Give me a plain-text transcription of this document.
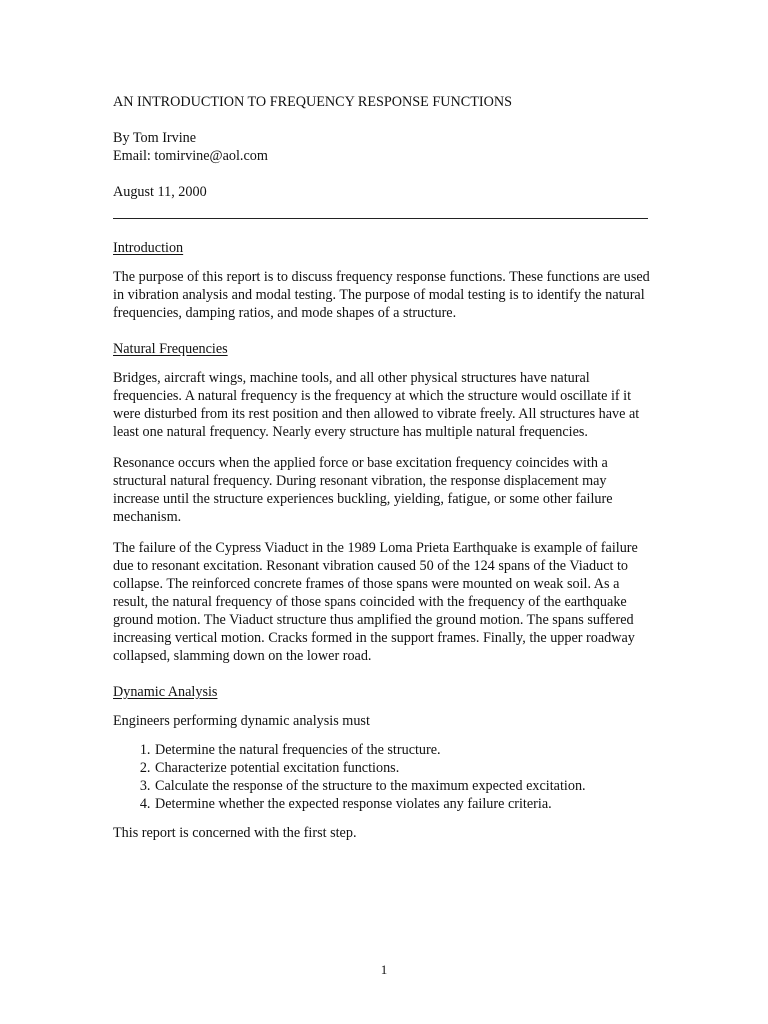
AN INTRODUCTION TO FREQUENCY RESPONSE FUNCTIONS
By Tom Irvine
Email: tomirvine@aol.com
August 11, 2000
Introduction

The purpose of this report is to discuss frequency response functions. These functions are used in vibration analysis and modal testing. The purpose of modal testing is to identify the natural frequencies, damping ratios, and mode shapes of a structure.

Natural Frequencies

Bridges, aircraft wings, machine tools, and all other physical structures have natural frequencies. A natural frequency is the frequency at which the structure would oscillate if it were disturbed from its rest position and then allowed to vibrate freely. All structures have at least one natural frequency. Nearly every structure has multiple natural frequencies.

Resonance occurs when the applied force or base excitation frequency coincides with a structural natural frequency. During resonant vibration, the response displacement may increase until the structure experiences buckling, yielding, fatigue, or some other failure mechanism.

The failure of the Cypress Viaduct in the 1989 Loma Prieta Earthquake is example of failure due to resonant excitation. Resonant vibration caused 50 of the 124 spans of the Viaduct to collapse. The reinforced concrete frames of those spans were mounted on weak soil. As a result, the natural frequency of those spans coincided with the frequency of the earthquake ground motion. The Viaduct structure thus amplified the ground motion. The spans suffered increasing vertical motion. Cracks formed in the support frames. Finally, the upper roadway collapsed, slamming down on the lower road.

Dynamic Analysis

Engineers performing dynamic analysis must

1. Determine the natural frequencies of the structure.
2. Characterize potential excitation functions.
3. Calculate the response of the structure to the maximum expected excitation.
4. Determine whether the expected response violates any failure criteria.

This report is concerned with the first step.

1
